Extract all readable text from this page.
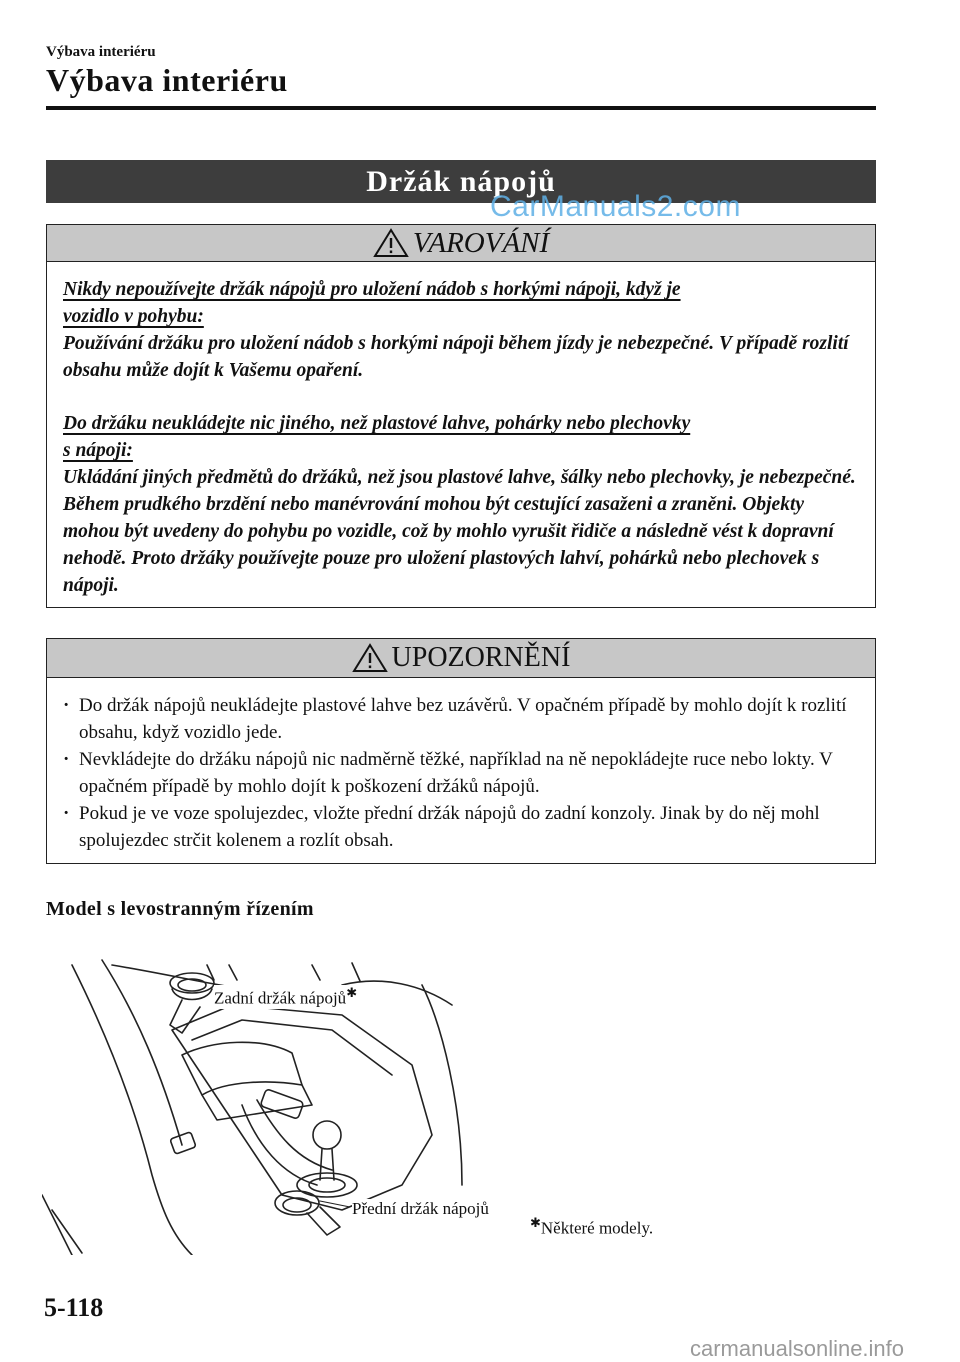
Výbava interiéru
Výbava interiéru
Držák nápojů
CarManuals2.com
VAROVÁNÍ

Nikdy nepoužívejte držák nápojů pro uložení nádob s horkými nápoji, když je

vozidlo v pohybu:

Používání držáku pro uložení nádob s horkými nápoji během jízdy je nebezpečné. V případě rozlití obsahu může dojít k Vašemu opaření.

Do držáku neukládejte nic jiného, než plastové lahve, pohárky nebo plechovky

s nápoji:

Ukládání jiných předmětů do držáků, než jsou plastové lahve, šálky nebo plechovky, je nebezpečné. Během prudkého brzdění nebo manévrování mohou být cestující zasaženi a zraněni. Objekty mohou být uvedeny do pohybu po vozidle, což by mohlo vyrušit řidiče a následně vést k dopravní nehodě. Proto držáky používejte pouze pro uložení plastových lahví, pohárků nebo plechovek s nápoji.

UPOZORNĚNÍ
· Do držák nápojů neukládejte plastové lahve bez uzávěrů. V opačném případě by mohlo dojít k rozlití obsahu, když vozidlo jede.
· Nevkládejte do držáku nápojů nic nadměrně těžké, například na ně nepokládejte ruce nebo lokty. V opačném případě by mohlo dojít k poškození držáků nápojů.
· Pokud je ve voze spolujezdec, vložte přední držák nápojů do zadní konzoly. Jinak by do něj mohl spolujezdec strčit kolenem a rozlít obsah.
Model s levostranným řízením
Zadní držák nápojů✱
Přední držák nápojů
✱Některé modely.
5-118
carmanualsonline.info
